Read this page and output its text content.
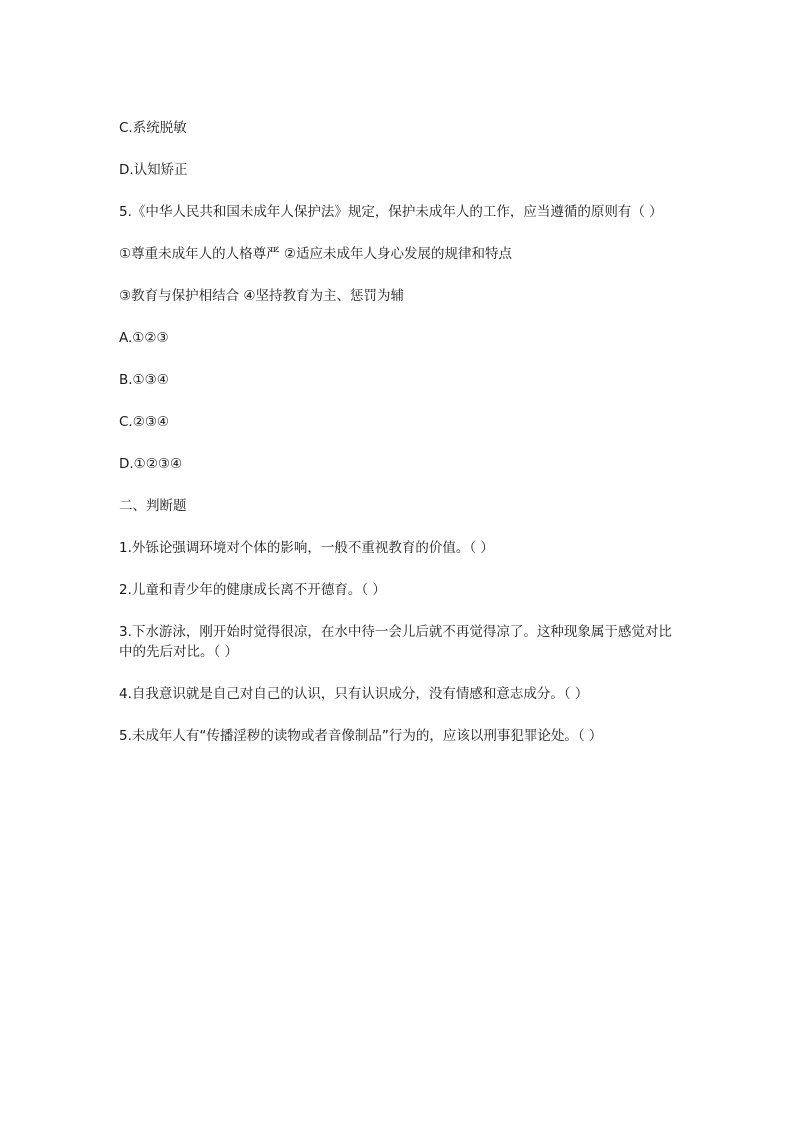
C.系统脱敏

D.认知矫正

5.《中华人民共和国未成年人保护法》规定，保护未成年人的工作，应当遵循的原则有（ ）

①尊重未成年人的人格尊严 ②适应未成年人身心发展的规律和特点

③教育与保护相结合 ④坚持教育为主、惩罚为辅

A.①②③

B.①③④

C.②③④

D.①②③④

二、判断题

1.外铄论强调环境对个体的影响，一般不重视教育的价值。（ ）

2.儿童和青少年的健康成长离不开德育。（ ）

3.下水游泳，刚开始时觉得很凉，在水中待一会儿后就不再觉得凉了。这种现象属于感觉对比中的先后对比。（ ）

4.自我意识就是自己对自己的认识，只有认识成分，没有情感和意志成分。（ ）

5.未成年人有“传播淫秽的读物或者音像制品”行为的，应该以刑事犯罪论处。（ ）
